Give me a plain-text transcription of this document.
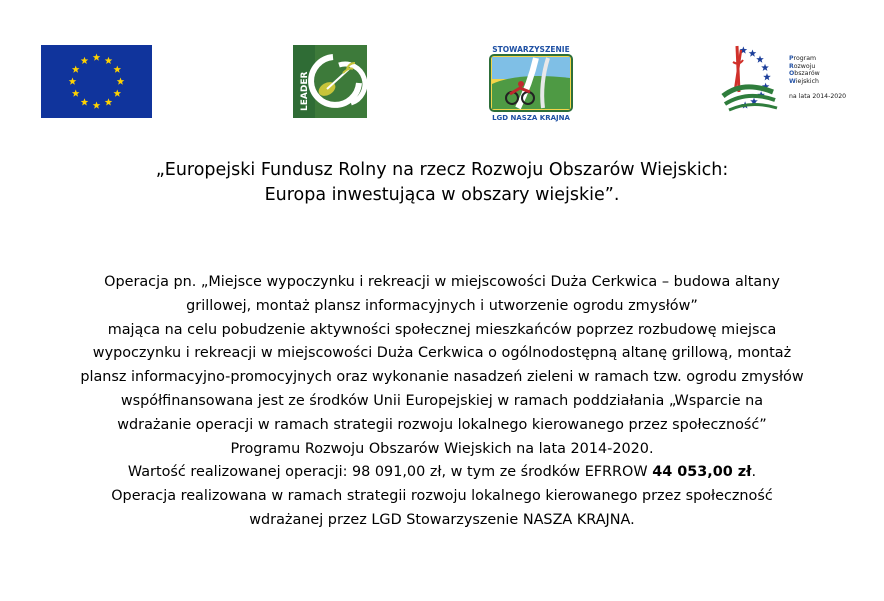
LEADER
STOWARZYSZENIE
LGD NASZA KRAJNA
Program
Rozwoju
Obszarów
Wiejskich
na lata 2014-2020
„Europejski Fundusz Rolny na rzecz Rozwoju Obszarów Wiejskich:
Europa inwestująca w obszary wiejskie”.
Operacja pn. „Miejsce wypoczynku i rekreacji w miejscowości Duża Cerkwica – budowa altany
grillowej, montaż plansz informacyjnych i utworzenie ogrodu zmysłów”
mająca na celu pobudzenie aktywności społecznej mieszkańców poprzez rozbudowę miejsca wypoczynku i rekreacji w miejscowości Duża Cerkwica o ogólnodostępną altanę grillową, montaż plansz informacyjno-promocyjnych oraz wykonanie nasadzeń zieleni w ramach tzw. ogrodu zmysłów
współfinansowana jest ze środków Unii Europejskiej w ramach poddziałania „Wsparcie na
wdrażanie operacji w ramach strategii rozwoju lokalnego kierowanego przez społeczność”
Programu Rozwoju Obszarów Wiejskich na lata 2014-2020.
Wartość realizowanej operacji: 98 091,00 zł, w tym ze środków EFRROW 44 053,00 zł.
Operacja realizowana w ramach strategii rozwoju lokalnego kierowanego przez społeczność
wdrażanej przez LGD Stowarzyszenie NASZA KRAJNA.
